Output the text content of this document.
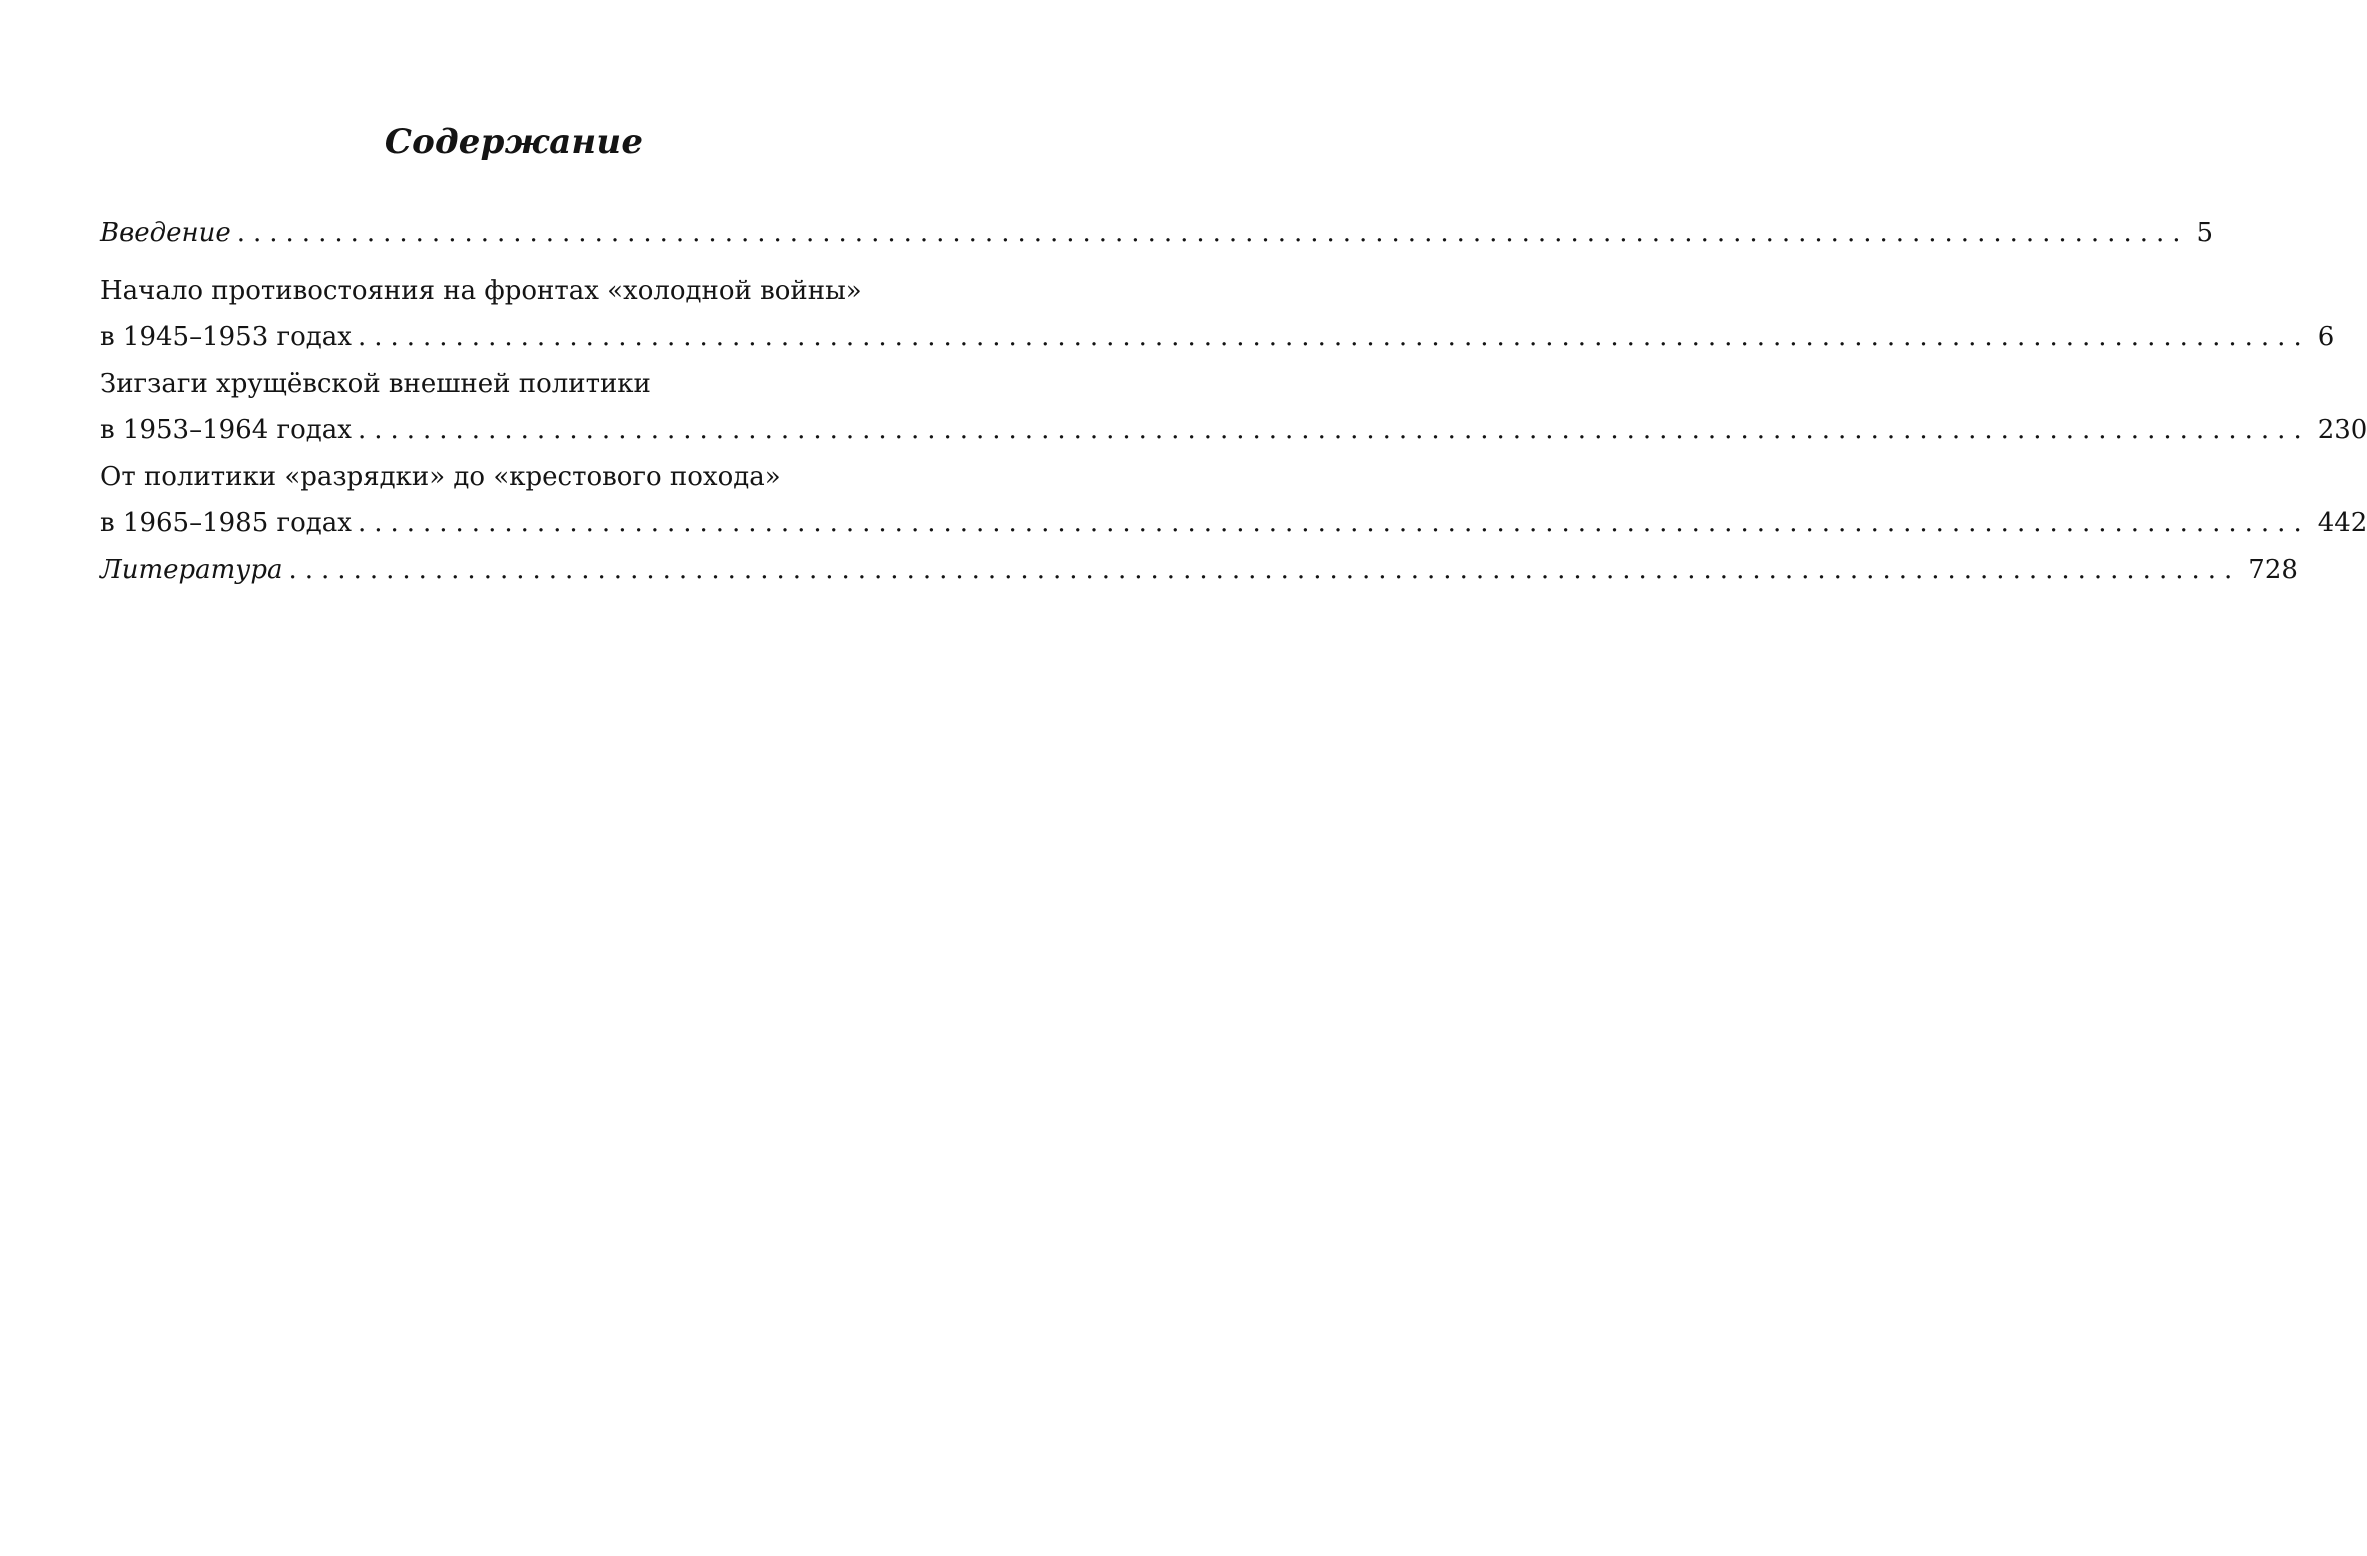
Содержание
Введение ........................................................................................................................ 5
Начало противостояния на фронтах «холодной войны»
в 1945–1953 годах ........................................................................................................................ 6
Зигзаги хрущёвской внешней политики
в 1953–1964 годах ........................................................................................................................ 230
От политики «разрядки» до «крестового похода»
в 1965–1985 годах ........................................................................................................................ 442
Литература ........................................................................................................................ 728
